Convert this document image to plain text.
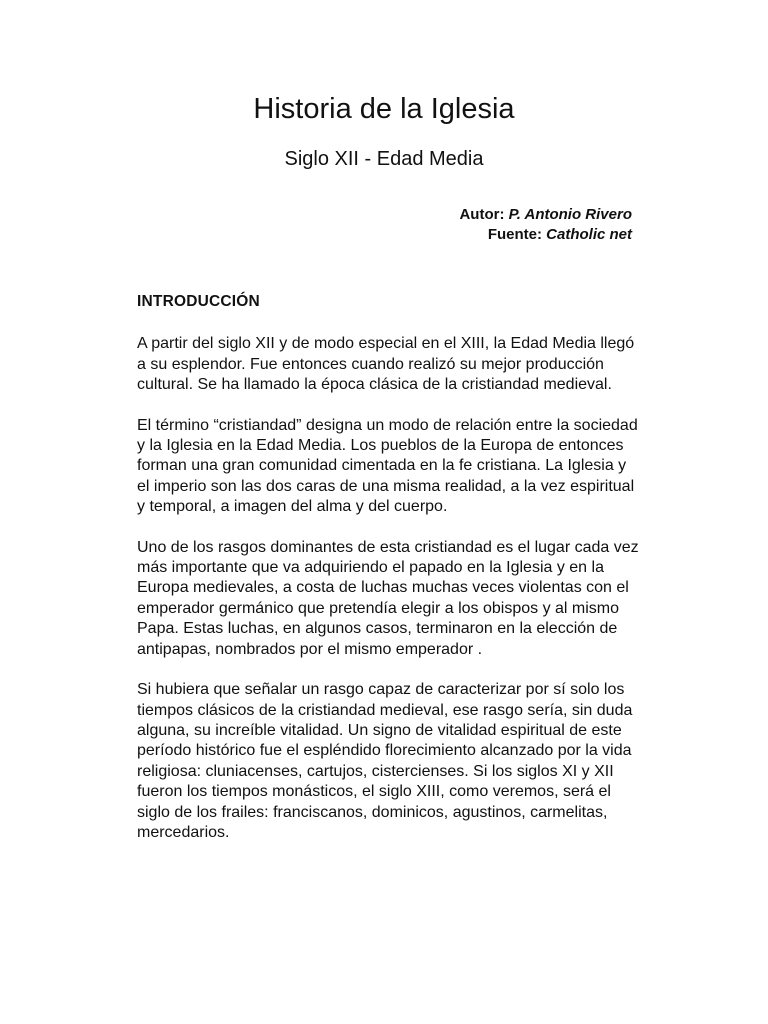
Historia de la Iglesia
Siglo XII - Edad Media
Autor: P. Antonio Rivero
Fuente: Catholic net
INTRODUCCIÓN

A partir del siglo XII y de modo especial en el XIII, la Edad Media llegó a su esplendor. Fue entonces cuando realizó su mejor producción cultural. Se ha llamado la época clásica de la cristiandad medieval.

El término “cristiandad” designa un modo de relación entre la sociedad y la Iglesia en la Edad Media. Los pueblos de la Europa de entonces forman una gran comunidad cimentada en la fe cristiana. La Iglesia y el imperio son las dos caras de una misma realidad, a la vez espiritual y temporal, a imagen del alma y del cuerpo.

Uno de los rasgos dominantes de esta cristiandad es el lugar cada vez más importante que va adquiriendo el papado en la Iglesia y en la Europa medievales, a costa de luchas muchas veces violentas con el emperador germánico que pretendía elegir a los obispos y al mismo Papa. Estas luchas, en algunos casos, terminaron en la elección de antipapas, nombrados por el mismo emperador .

Si hubiera que señalar un rasgo capaz de caracterizar por sí solo los tiempos clásicos de la cristiandad medieval, ese rasgo sería, sin duda alguna, su increíble vitalidad. Un signo de vitalidad espiritual de este período histórico fue el espléndido florecimiento alcanzado por la vida religiosa: cluniacenses, cartujos, cistercienses. Si los siglos XI y XII fueron los tiempos monásticos, el siglo XIII, como veremos, será el siglo de los frailes: franciscanos, dominicos, agustinos, carmelitas, mercedarios.
